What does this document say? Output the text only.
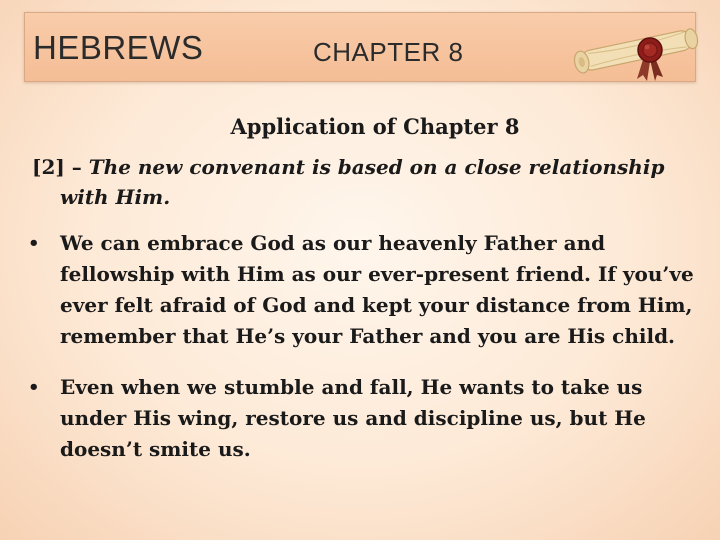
HEBREWS	CHAPTER 8
Application of Chapter 8

[2] – The new convenant is based on a close relationship with Him.

• We can embrace God as our heavenly Father and fellowship with Him as our ever-present friend. If you’ve ever felt afraid of God and kept your distance from Him, remember that He’s your Father and you are His child.
• Even when we stumble and fall, He wants to take us under His wing, restore us and discipline us, but He doesn’t smite us.
